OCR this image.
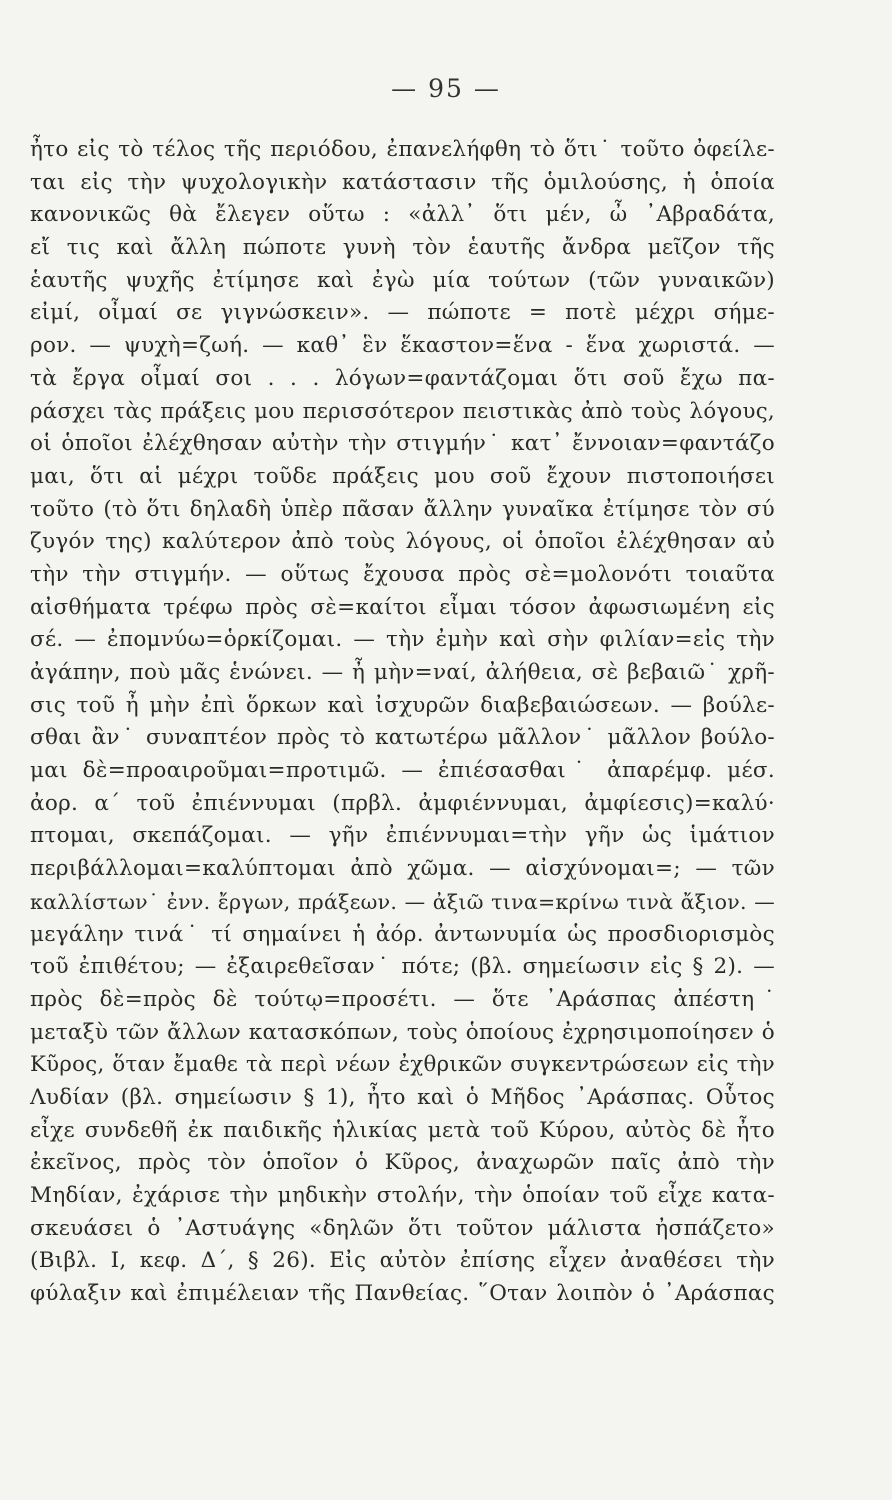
— 95 —
ἦτο εἰς τὸ τέλος τῆς περιόδου, ἐπανελήφθη τὸ ὅτι˙ τοῦτο ὀφείλε-
ται εἰς τὴν ψυχολογικὴν κατάστασιν τῆς ὁμιλούσης, ἡ ὁποία
κανονικῶς θὰ ἔλεγεν οὕτω : «ἀλλ᾽ ὅτι μέν, ὦ ᾽Αβραδάτα,
εἴ τις καὶ ἄλλη πώποτε γυνὴ τὸν ἑαυτῆς ἄνδρα μεῖζον τῆς
ἑαυτῆς ψυχῆς ἐτίμησε καὶ ἐγὼ μία τούτων (τῶν γυναικῶν)
εἰμί, οἶμαί σε γιγνώσκειν». — πώποτε = ποτὲ μέχρι σήμε-
ρον. — ψυχὴ=ζωή. — καθ᾽ ἓν ἕκαστον=ἕνα - ἕνα χωριστά. —
τὰ ἔργα οἶμαί σοι . . . λόγων=φαντάζομαι ὅτι σοῦ ἔχω πα-
ράσχει τὰς πράξεις μου περισσότερον πειστικὰς ἀπὸ τοὺς λόγους,
οἱ ὁποῖοι ἐλέχθησαν αὐτὴν τὴν στιγμήν˙ κατ᾽ ἔννοιαν=φαντάζο
μαι, ὅτι αἱ μέχρι τοῦδε πράξεις μου σοῦ ἔχουν πιστοποιήσει
τοῦτο (τὸ ὅτι δηλαδὴ ὑπὲρ πᾶσαν ἄλλην γυναῖκα ἐτίμησε τὸν σύ
ζυγόν της) καλύτερον ἀπὸ τοὺς λόγους, οἱ ὁποῖοι ἐλέχθησαν αὐ
τὴν τὴν στιγμήν. — οὕτως ἔχουσα πρὸς σὲ=μολονότι τοιαῦτα
αἰσθήματα τρέφω πρὸς σὲ=καίτοι εἶμαι τόσον ἀφωσιωμένη εἰς
σέ. — ἐπομνύω=ὁρκίζομαι. — τὴν ἐμὴν καὶ σὴν φιλίαν=εἰς τὴν
ἀγάπην, ποὺ μᾶς ἑνώνει. — ἦ μὴν=ναί, ἀλήθεια, σὲ βεβαιῶ˙ χρῆ-
σις τοῦ ἦ μὴν ἐπὶ ὅρκων καὶ ἰσχυρῶν διαβεβαιώσεων. — βούλε-
σθαι ἂν˙ συναπτέον πρὸς τὸ κατωτέρω μᾶλλον˙ μᾶλλον βούλο-
μαι δὲ=προαιροῦμαι=προτιμῶ. — ἐπιέσασθαι˙ ἀπαρέμφ. μέσ.
ἀορ. α΄ τοῦ ἐπιέννυμαι (πρβλ. ἀμφιέννυμαι, ἀμφίεσις)=καλύ·
πτομαι, σκεπάζομαι. — γῆν ἐπιέννυμαι=τὴν γῆν ὡς ἱμάτιον
περιβάλλομαι=καλύπτομαι ἀπὸ χῶμα. — αἰσχύνομαι=; — τῶν
καλλίστων˙ ἐνν. ἔργων, πράξεων. — ἀξιῶ τινα=κρίνω τινὰ ἄξιον. —
μεγάλην τινά˙ τί σημαίνει ἡ ἀόρ. ἀντωνυμία ὡς προσδιορισμὸς
τοῦ ἐπιθέτου; — ἐξαιρεθεῖσαν˙ πότε; (βλ. σημείωσιν εἰς § 2). —
πρὸς δὲ=πρὸς δὲ τούτῳ=προσέτι. — ὅτε ᾽Αράσπας ἀπέστη˙
μεταξὺ τῶν ἄλλων κατασκόπων, τοὺς ὁποίους ἐχρησιμοποίησεν ὁ
Κῦρος, ὅταν ἔμαθε τὰ περὶ νέων ἐχθρικῶν συγκεντρώσεων εἰς τὴν
Λυδίαν (βλ. σημείωσιν § 1), ἦτο καὶ ὁ Μῆδος ᾽Αράσπας. Οὗτος
εἶχε συνδεθῆ ἐκ παιδικῆς ἡλικίας μετὰ τοῦ Κύρου, αὐτὸς δὲ ἦτο
ἐκεῖνος, πρὸς τὸν ὁποῖον ὁ Κῦρος, ἀναχωρῶν παῖς ἀπὸ τὴν
Μηδίαν, ἐχάρισε τὴν μηδικὴν στολήν, τὴν ὁποίαν τοῦ εἶχε κατα-
σκευάσει ὁ ᾽Αστυάγης «δηλῶν ὅτι τοῦτον μάλιστα ἠσπάζετο»
(Βιβλ. Ι, κεφ. Δ΄, § 26). Εἰς αὐτὸν ἐπίσης εἶχεν ἀναθέσει τὴν
φύλαξιν καὶ ἐπιμέλειαν τῆς Πανθείας. ῞Οταν λοιπὸν ὁ ᾽Αράσπας
